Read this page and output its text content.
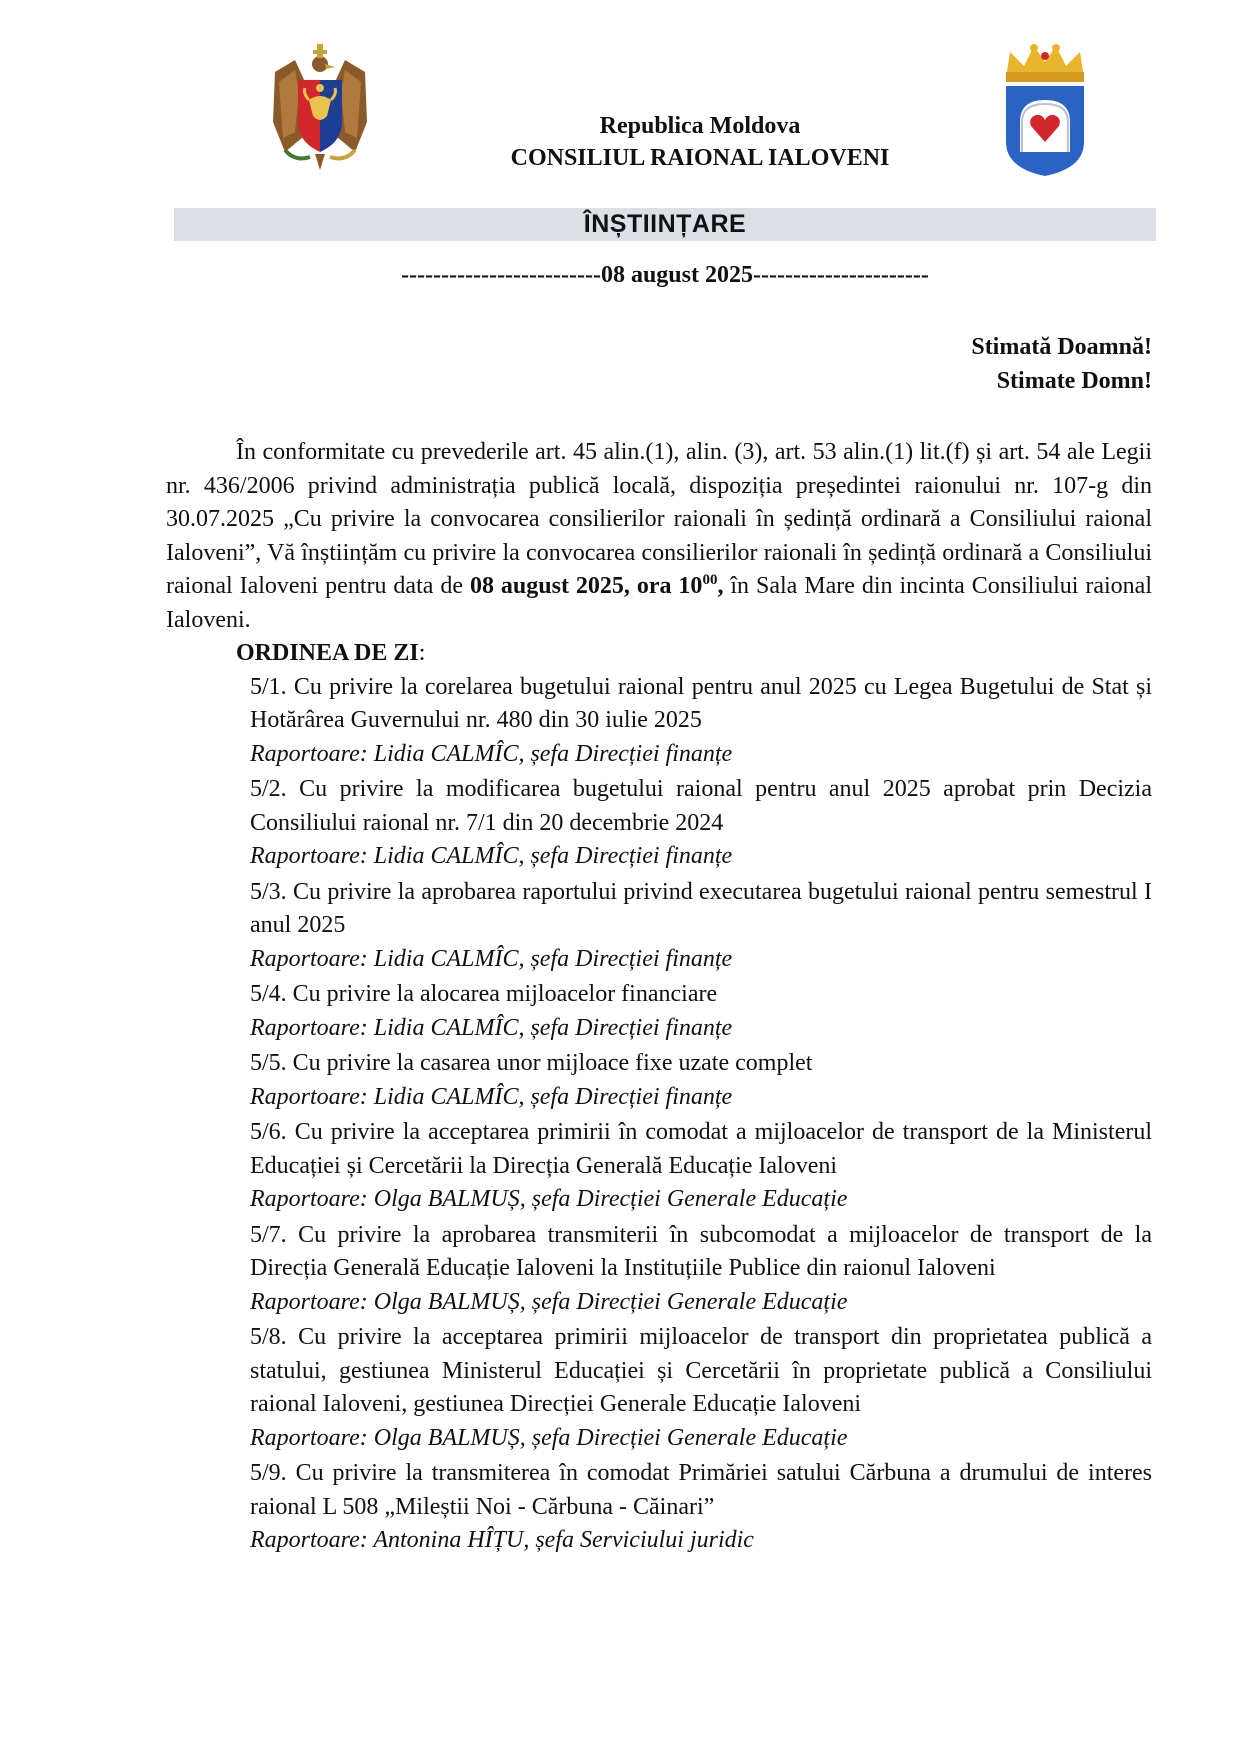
Republica Moldova
CONSILIUL RAIONAL IALOVENI
ÎNȘTIINȚARE
-------------------------08 august 2025----------------------
Stimată Doamnă!
Stimate Domn!

În conformitate cu prevederile art. 45 alin.(1), alin. (3), art. 53 alin.(1) lit.(f) și art. 54 ale Legii nr. 436/2006 privind administrația publică locală, dispoziția președintei raionului nr. 107-g din 30.07.2025 „Cu privire la convocarea consilierilor raionali în ședință ordinară a Consiliului raional Ialoveni”, Vă înștiințăm cu privire la convocarea consilierilor raionali în ședință ordinară a Consiliului raional Ialoveni pentru data de 08 august 2025, ora $10^{00}$, în Sala Mare din incinta Consiliului raional Ialoveni.

ORDINEA DE ZI:

5/1. Cu privire la corelarea bugetului raional pentru anul 2025 cu Legea Bugetului de Stat și Hotărârea Guvernului nr. 480 din 30 iulie 2025

Raportoare: Lidia CALMÎC, șefa Direcției finanțe

5/2. Cu privire la modificarea bugetului raional pentru anul 2025 aprobat prin Decizia Consiliului raional nr. 7/1 din 20 decembrie 2024

Raportoare: Lidia CALMÎC, șefa Direcției finanțe

5/3. Cu privire la aprobarea raportului privind executarea bugetului raional pentru semestrul I anul 2025

Raportoare: Lidia CALMÎC, șefa Direcției finanțe

5/4. Cu privire la alocarea mijloacelor financiare

Raportoare: Lidia CALMÎC, șefa Direcției finanțe

5/5. Cu privire la casarea unor mijloace fixe uzate complet

Raportoare: Lidia CALMÎC, șefa Direcției finanțe

5/6. Cu privire la acceptarea primirii în comodat a mijloacelor de transport de la Ministerul Educației și Cercetării la Direcția Generală Educație Ialoveni

Raportoare: Olga BALMUȘ, șefa Direcției Generale Educație

5/7. Cu privire la aprobarea transmiterii în subcomodat a mijloacelor de transport de la Direcția Generală Educație Ialoveni la Instituțiile Publice din raionul Ialoveni

Raportoare: Olga BALMUȘ, șefa Direcției Generale Educație

5/8. Cu privire la acceptarea primirii mijloacelor de transport din proprietatea publică a statului, gestiunea Ministerul Educației și Cercetării în proprietate publică a Consiliului raional Ialoveni, gestiunea Direcției Generale Educație Ialoveni

Raportoare: Olga BALMUȘ, șefa Direcției Generale Educație

5/9. Cu privire la transmiterea în comodat Primăriei satului Cărbuna a drumului de interes raional L 508 „Mileștii Noi - Cărbuna - Căinari”

Raportoare: Antonina HÎȚU, șefa Serviciului juridic
